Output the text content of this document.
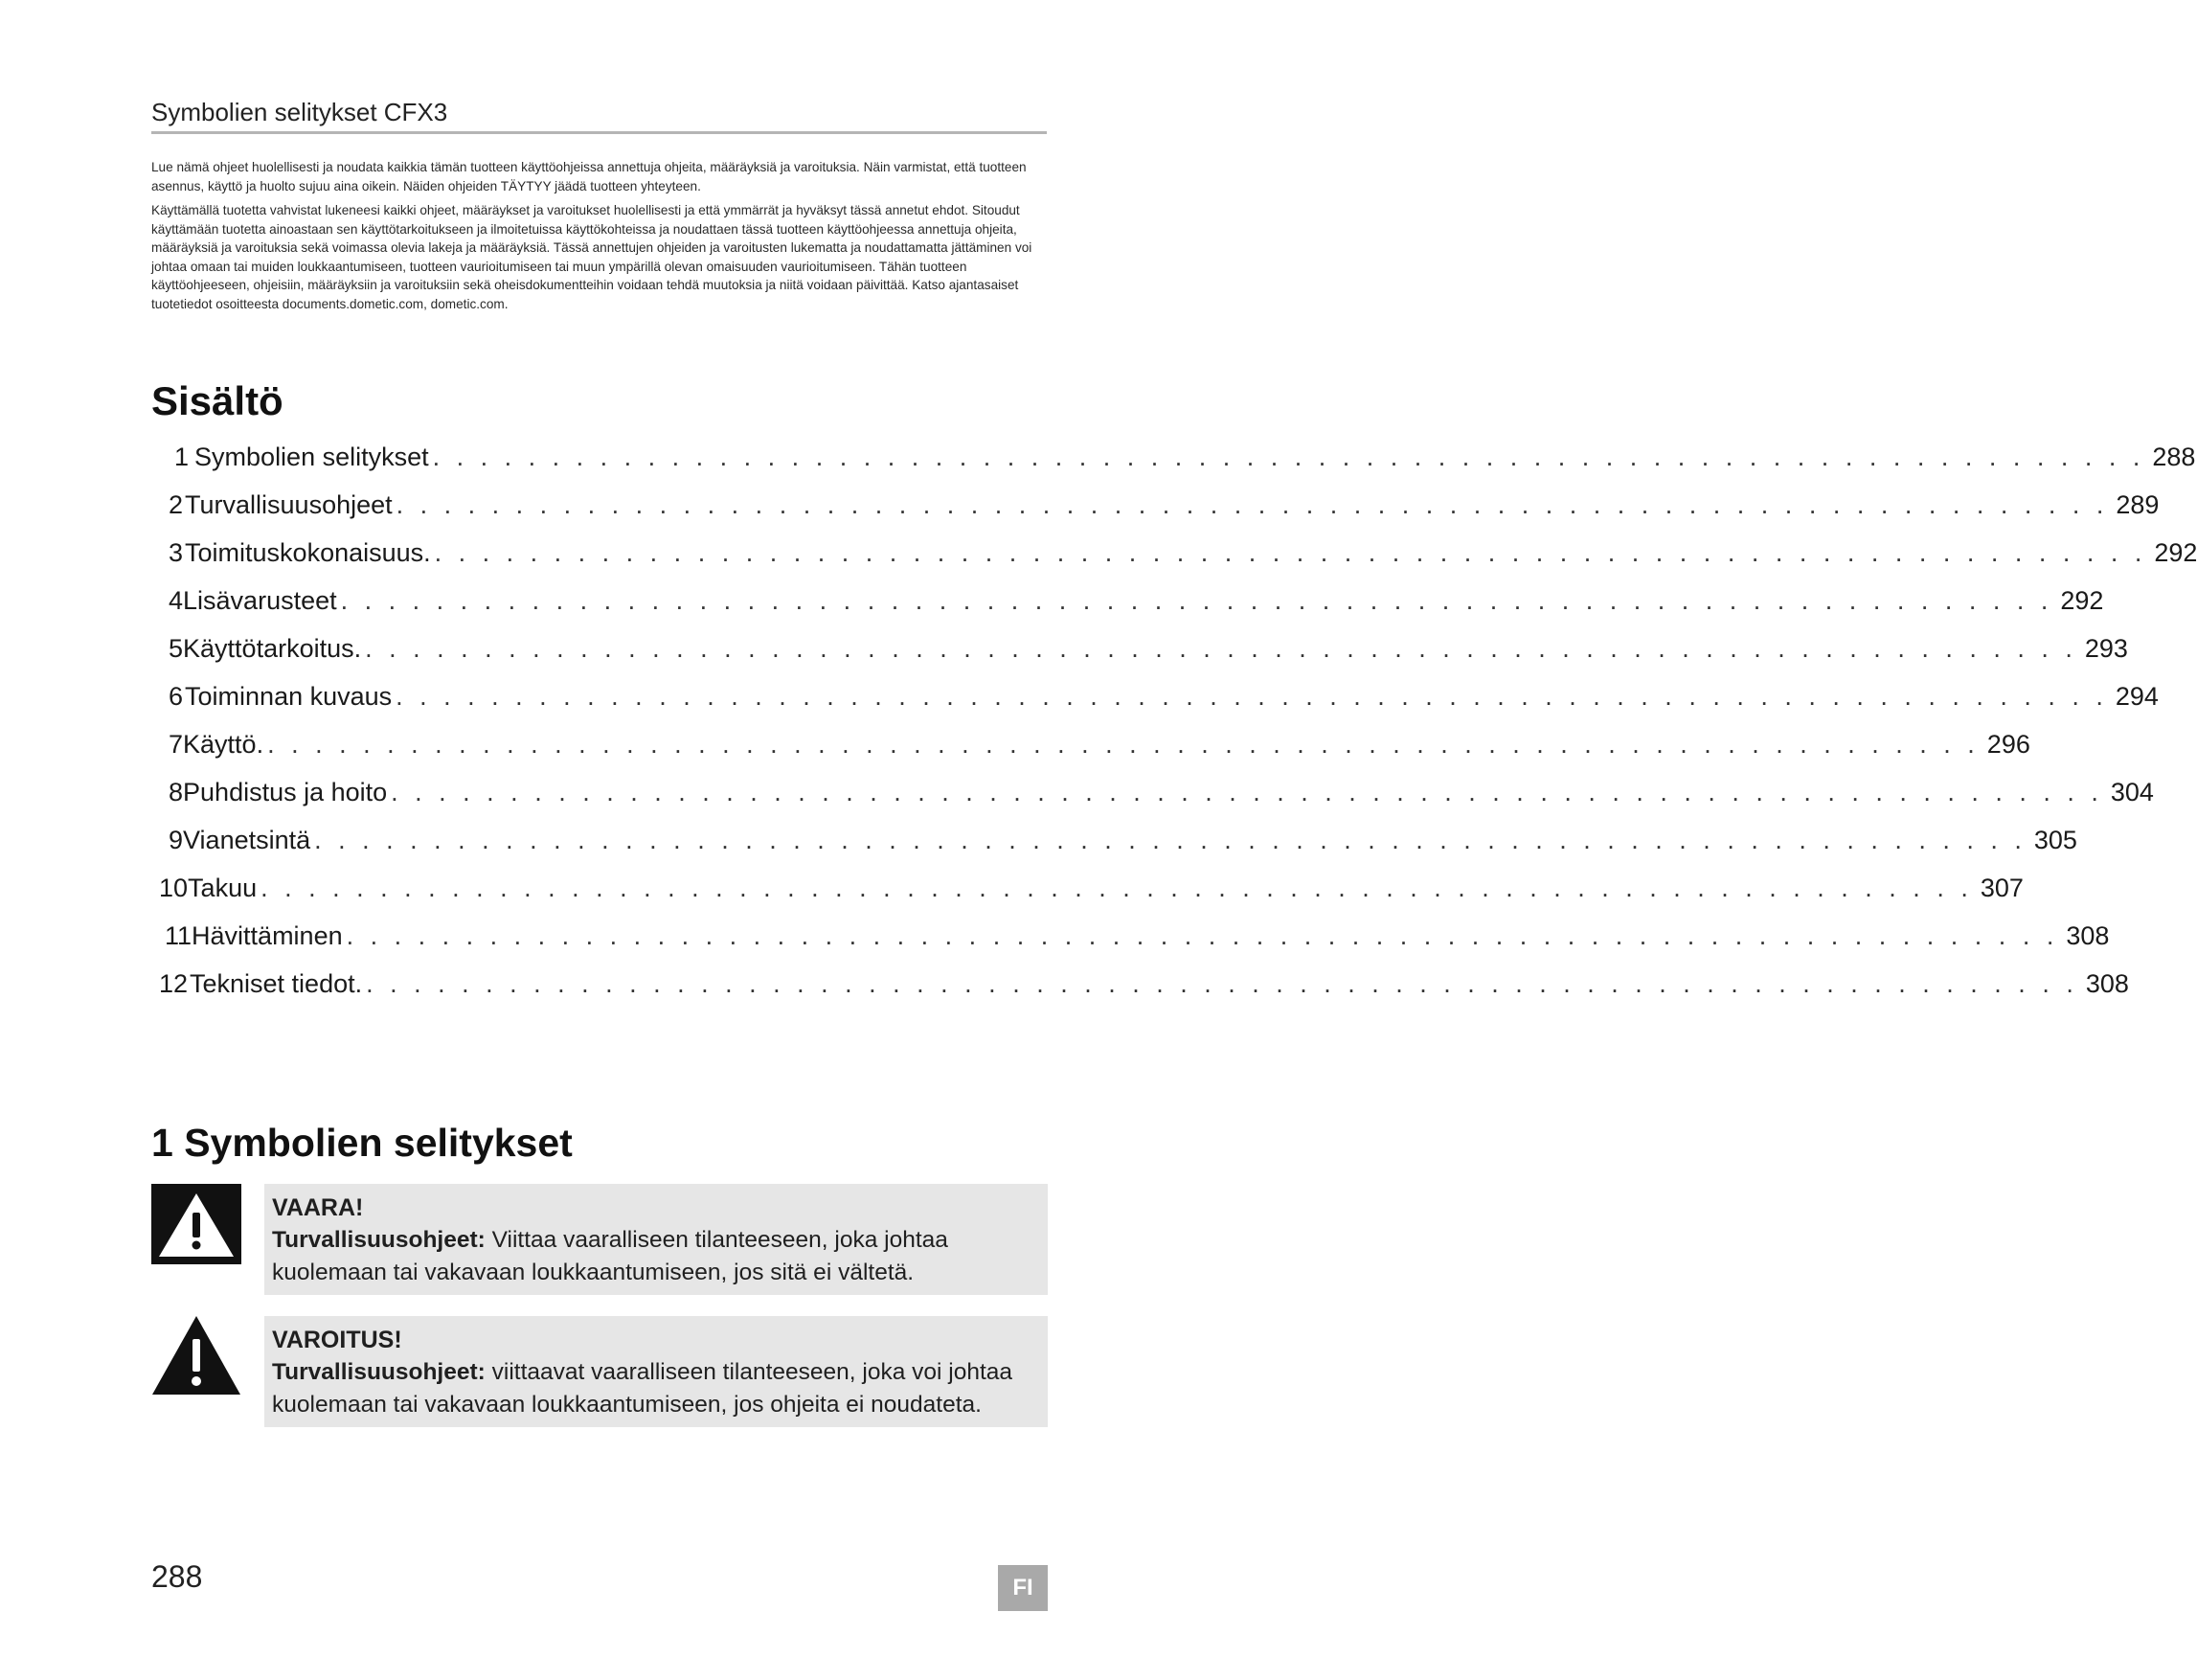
Symbolien selitykset CFX3

Lue nämä ohjeet huolellisesti ja noudata kaikkia tämän tuotteen käyttöohjeissa annettuja ohjeita, määräyksiä ja varoituksia. Näin varmistat, että tuotteen asennus, käyttö ja huolto sujuu aina oikein. Näiden ohjeiden TÄYTYY jäädä tuotteen yhteyteen.

Käyttämällä tuotetta vahvistat lukeneesi kaikki ohjeet, määräykset ja varoitukset huolellisesti ja että ymmärrät ja hyväksyt tässä annetut ehdot. Sitoudut käyttämään tuotetta ainoastaan sen käyttötarkoitukseen ja ilmoitetuissa käyttökohteissa ja noudattaen tässä tuotteen käyttöohjeessa annettuja ohjeita, määräyksiä ja varoituksia sekä voimassa olevia lakeja ja määräyksiä. Tässä annettujen ohjeiden ja varoitusten lukematta ja noudattamatta jättäminen voi johtaa omaan tai muiden loukkaantumiseen, tuotteen vaurioitumiseen tai muun ympärillä olevan omaisuuden vaurioitumiseen. Tähän tuotteen käyttöohjeeseen, ohjeisiin, määräyksiin ja varoituksiin sekä oheisdokumentteihin voidaan tehdä muutoksia ja niitä voidaan päivittää. Katso ajantasaiset tuotetiedot osoitteesta documents.dometic.com, dometic.com.

Sisältö
1 Symbolien selitykset . . . . . . . . . . . . . . . . . . . . . . . . . . . . . . . . . . . . . . . . . . . . . . . . . . . . . . . . . . . . . . . . . . . . . . . . 288
2 Turvallisuusohjeet . . . . . . . . . . . . . . . . . . . . . . . . . . . . . . . . . . . . . . . . . . . . . . . . . . . . . . . . . . . . . . . . . . . . . . . . 289
3 Toimituskokonaisuus. . . . . . . . . . . . . . . . . . . . . . . . . . . . . . . . . . . . . . . . . . . . . . . . . . . . . . . . . . . . . . . . . . . . . . . . . 292
4 Lisävarusteet . . . . . . . . . . . . . . . . . . . . . . . . . . . . . . . . . . . . . . . . . . . . . . . . . . . . . . . . . . . . . . . . . . . . . . . . 292
5 Käyttötarkoitus. . . . . . . . . . . . . . . . . . . . . . . . . . . . . . . . . . . . . . . . . . . . . . . . . . . . . . . . . . . . . . . . . . . . . . . . . 293
6 Toiminnan kuvaus . . . . . . . . . . . . . . . . . . . . . . . . . . . . . . . . . . . . . . . . . . . . . . . . . . . . . . . . . . . . . . . . . . . . . . . . 294
7 Käyttö. . . . . . . . . . . . . . . . . . . . . . . . . . . . . . . . . . . . . . . . . . . . . . . . . . . . . . . . . . . . . . . . . . . . . . . . . 296
8 Puhdistus ja hoito . . . . . . . . . . . . . . . . . . . . . . . . . . . . . . . . . . . . . . . . . . . . . . . . . . . . . . . . . . . . . . . . . . . . . . . . 304
9 Vianetsintä . . . . . . . . . . . . . . . . . . . . . . . . . . . . . . . . . . . . . . . . . . . . . . . . . . . . . . . . . . . . . . . . . . . . . . . . 305
10 Takuu . . . . . . . . . . . . . . . . . . . . . . . . . . . . . . . . . . . . . . . . . . . . . . . . . . . . . . . . . . . . . . . . . . . . . . . . 307
11 Hävittäminen . . . . . . . . . . . . . . . . . . . . . . . . . . . . . . . . . . . . . . . . . . . . . . . . . . . . . . . . . . . . . . . . . . . . . . . . 308
12 Tekniset tiedot. . . . . . . . . . . . . . . . . . . . . . . . . . . . . . . . . . . . . . . . . . . . . . . . . . . . . . . . . . . . . . . . . . . . . . . . . 308
1 Symbolien selitykset
VAARA!
Turvallisuusohjeet: Viittaa vaaralliseen tilanteeseen, joka johtaa kuolemaan tai vakavaan loukkaantumiseen, jos sitä ei vältetä.
VAROITUS!
Turvallisuusohjeet: viittaavat vaaralliseen tilanteeseen, joka voi johtaa kuolemaan tai vakavaan loukkaantumiseen, jos ohjeita ei noudateta.
288	FI
